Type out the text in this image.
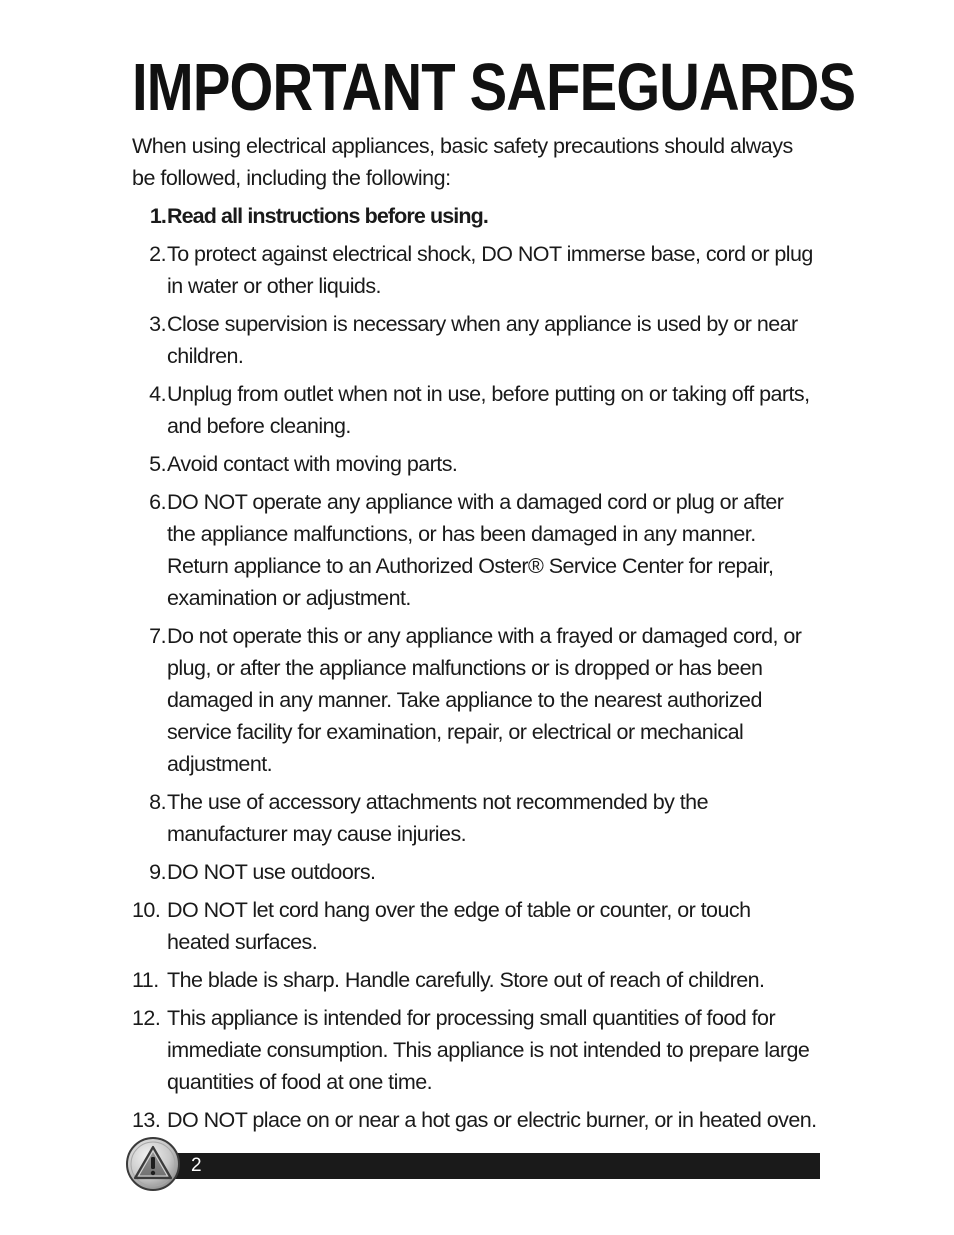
IMPORTANT SAFEGUARDS

When using electrical appliances, basic safety precautions should always be followed, including the following:

1. Read all instructions before using.
2. To protect against electrical shock, DO NOT immerse base, cord or plug in water or other liquids.
3. Close supervision is necessary when any appliance is used by or near children.
4. Unplug from outlet when not in use, before putting on or taking off parts, and before cleaning.
5. Avoid contact with moving parts.
6. DO NOT operate any appliance with a damaged cord or plug or after the appliance malfunctions, or has been damaged in any manner. Return appliance to an Authorized Oster® Service Center for repair, examination or adjustment.
7. Do not operate this or any appliance with a frayed or damaged cord, or plug, or after the appliance malfunctions or is dropped or has been damaged in any manner. Take appliance to the nearest authorized service facility for examination, repair, or electrical or mechanical adjustment.
8. The use of accessory attachments not recommended by the manufacturer may cause injuries.
9. DO NOT use outdoors.
10. DO NOT let cord hang over the edge of table or counter, or touch heated surfaces.
11. The blade is sharp. Handle carefully. Store out of reach of children.
12. This appliance is intended for processing small quantities of food for immediate consumption. This appliance is not intended to prepare large quantities of food at one time.
13. DO NOT place on or near a hot gas or electric burner, or in heated oven.
2
